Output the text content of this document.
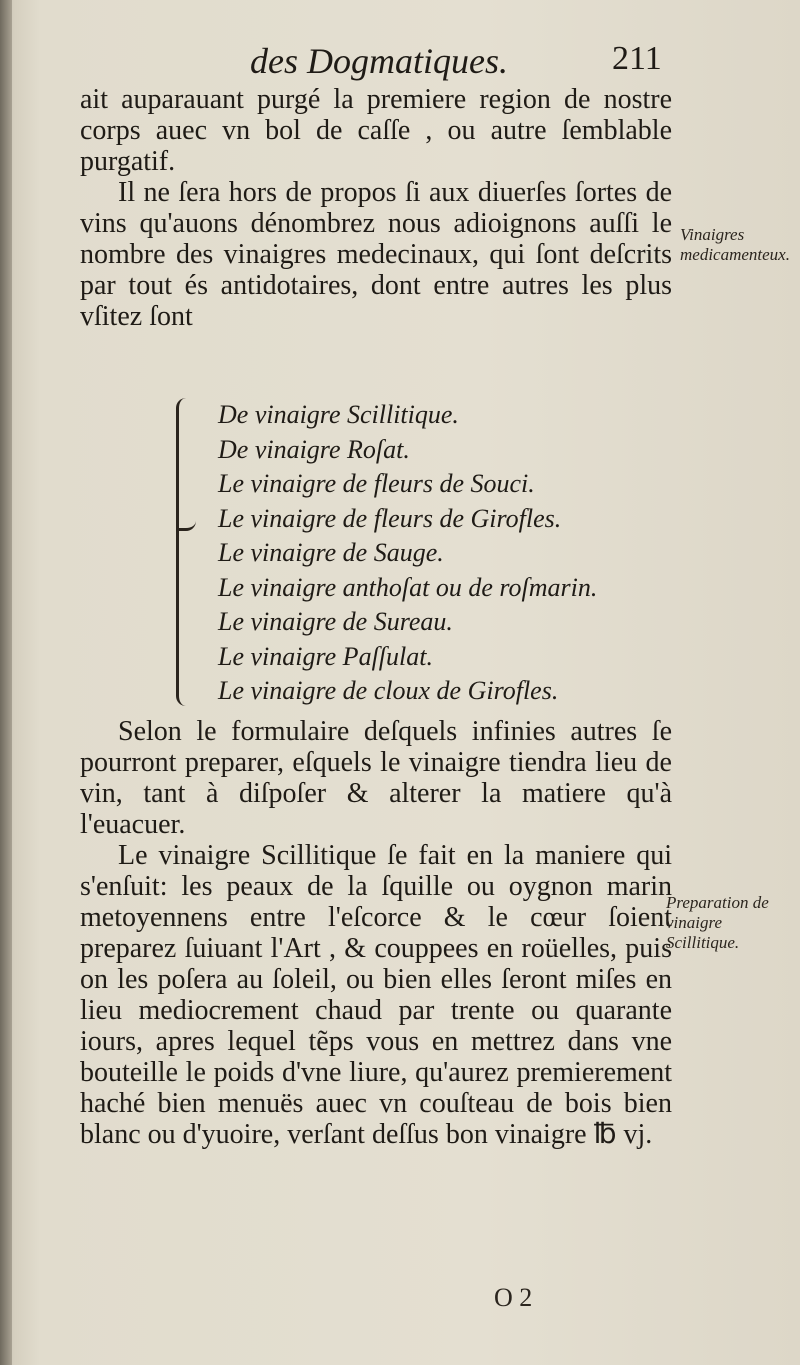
des Dogmatiques.	211

ait auparauant purgé la premiere region de nostre corps auec vn bol de caſſe , ou autre ſemblable purgatif.

Il ne ſera hors de propos ſi aux diuerſes ſortes de vins qu'auons dénombrez nous adioignons auſſi le nombre des vinaigres medecinaux, qui ſont deſcrits par tout és antidotaires, dont entre autres les plus vſitez ſont

De vinaigre Scillitique.
De vinaigre Roſat.
Le vinaigre de fleurs de Souci.
Le vinaigre de fleurs de Girofles.
Le vinaigre de Sauge.
Le vinaigre anthoſat ou de roſmarin.
Le vinaigre de Sureau.
Le vinaigre Paſſulat.
Le vinaigre de cloux de Girofles.

Selon le formulaire deſquels infinies autres ſe pourront preparer, eſquels le vinaigre tiendra lieu de vin, tant à diſpoſer & alterer la matiere qu'à l'euacuer.

Le vinaigre Scillitique ſe fait en la maniere qui s'enſuit: les peaux de la ſquille ou oygnon marin metoyennens entre l'eſcorce & le cœur ſoient preparez ſuiuant l'Art , & couppees en roüelles, puis on les poſera au ſoleil, ou bien elles ſeront miſes en lieu mediocrement chaud par trente ou quarante iours, apres lequel tẽps vous en mettrez dans vne bouteille le poids d'vne liure, qu'aurez premierement haché bien menuës auec vn couſteau de bois bien blanc ou d'yuoire, verſant deſſus bon vinaigre ℔ vj.

Vinaigres medicamenteux.
Preparation de vinaigre Scillitique.
O 2
